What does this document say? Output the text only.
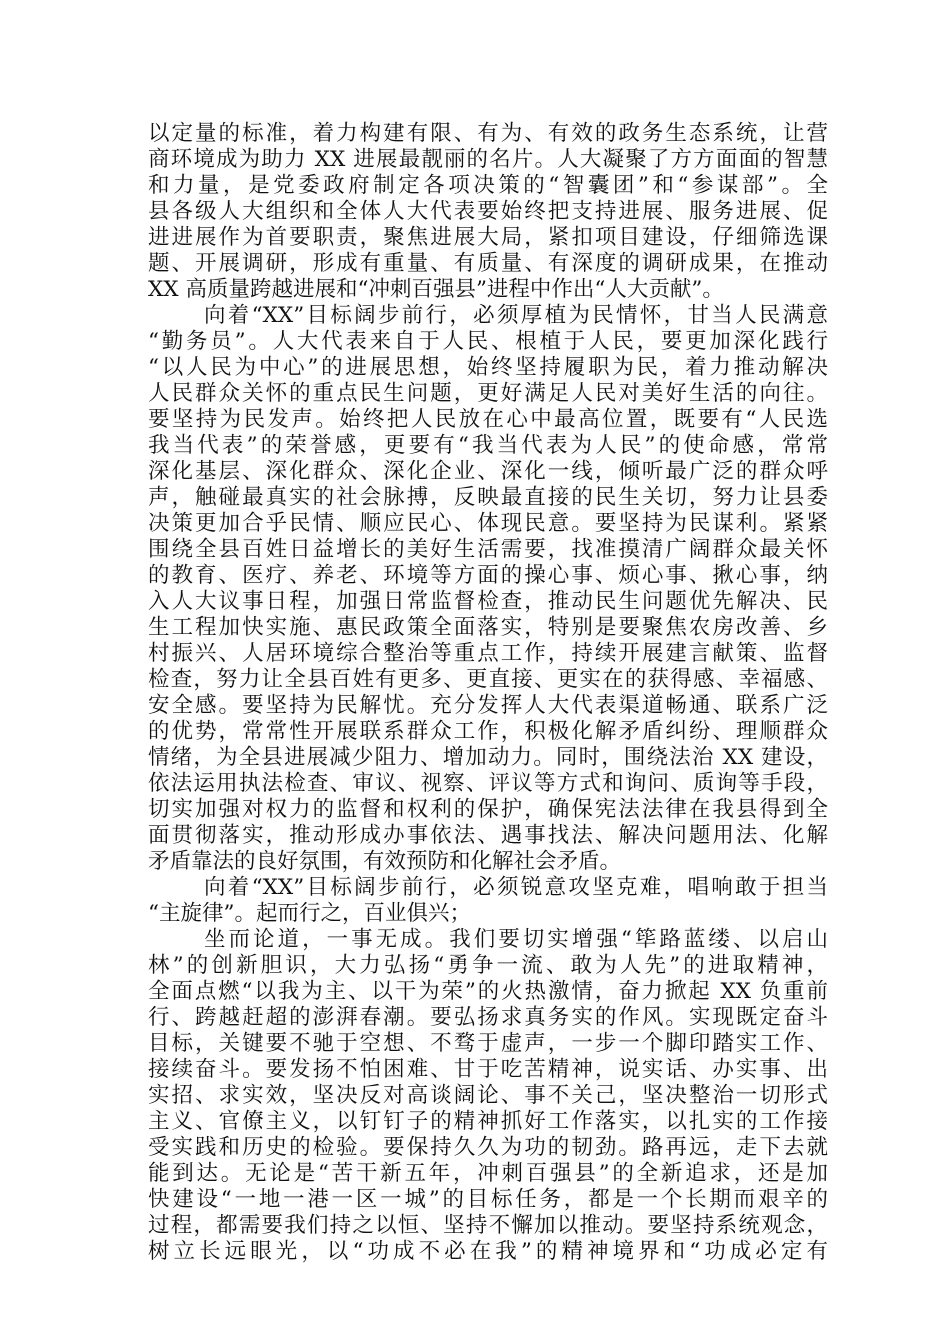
以定量的标准，着力构建有限、有为、有效的政务生态系统，让营
商环境成为助力 XX 进展最靓丽的名片。人大凝聚了方方面面的智慧
和力量，是党委政府制定各项决策的“智囊团”和“参谋部”。全
县各级人大组织和全体人大代表要始终把支持进展、服务进展、促
进进展作为首要职责，聚焦进展大局，紧扣项目建设，仔细筛选课
题、开展调研，形成有重量、有质量、有深度的调研成果，在推动
XX 高质量跨越进展和“冲刺百强县”进程中作出“人大贡献”。
向着“XX”目标阔步前行，必须厚植为民情怀，甘当人民满意
“勤务员”。人大代表来自于人民、根植于人民，要更加深化践行
“以人民为中心”的进展思想，始终坚持履职为民，着力推动解决
人民群众关怀的重点民生问题，更好满足人民对美好生活的向往。
要坚持为民发声。始终把人民放在心中最高位置，既要有“人民选
我当代表”的荣誉感，更要有“我当代表为人民”的使命感，常常
深化基层、深化群众、深化企业、深化一线，倾听最广泛的群众呼
声，触碰最真实的社会脉搏，反映最直接的民生关切，努力让县委
决策更加合乎民情、顺应民心、体现民意。要坚持为民谋利。紧紧
围绕全县百姓日益增长的美好生活需要，找准摸清广阔群众最关怀
的教育、医疗、养老、环境等方面的操心事、烦心事、揪心事，纳
入人大议事日程，加强日常监督检查，推动民生问题优先解决、民
生工程加快实施、惠民政策全面落实，特别是要聚焦农房改善、乡
村振兴、人居环境综合整治等重点工作，持续开展建言献策、监督
检查，努力让全县百姓有更多、更直接、更实在的获得感、幸福感、
安全感。要坚持为民解忧。充分发挥人大代表渠道畅通、联系广泛
的优势，常常性开展联系群众工作，积极化解矛盾纠纷、理顺群众
情绪，为全县进展减少阻力、增加动力。同时，围绕法治 XX 建设，
依法运用执法检查、审议、视察、评议等方式和询问、质询等手段，
切实加强对权力的监督和权利的保护，确保宪法法律在我县得到全
面贯彻落实，推动形成办事依法、遇事找法、解决问题用法、化解
矛盾靠法的良好氛围，有效预防和化解社会矛盾。
向着“XX”目标阔步前行，必须锐意攻坚克难，唱响敢于担当
“主旋律”。起而行之，百业俱兴；
坐而论道，一事无成。我们要切实增强“筚路蓝缕、以启山
林”的创新胆识，大力弘扬“勇争一流、敢为人先”的进取精神，
全面点燃“以我为主、以干为荣”的火热激情，奋力掀起 XX 负重前
行、跨越赶超的澎湃春潮。要弘扬求真务实的作风。实现既定奋斗
目标，关键要不驰于空想、不骛于虚声，一步一个脚印踏实工作、
接续奋斗。要发扬不怕困难、甘于吃苦精神，说实话、办实事、出
实招、求实效，坚决反对高谈阔论、事不关己，坚决整治一切形式
主义、官僚主义，以钉钉子的精神抓好工作落实，以扎实的工作接
受实践和历史的检验。要保持久久为功的韧劲。路再远，走下去就
能到达。无论是“苦干新五年，冲刺百强县”的全新追求，还是加
快建设“一地一港一区一城”的目标任务，都是一个长期而艰辛的
过程，都需要我们持之以恒、坚持不懈加以推动。要坚持系统观念，
树立长远眼光，以“功成不必在我”的精神境界和“功成必定有
